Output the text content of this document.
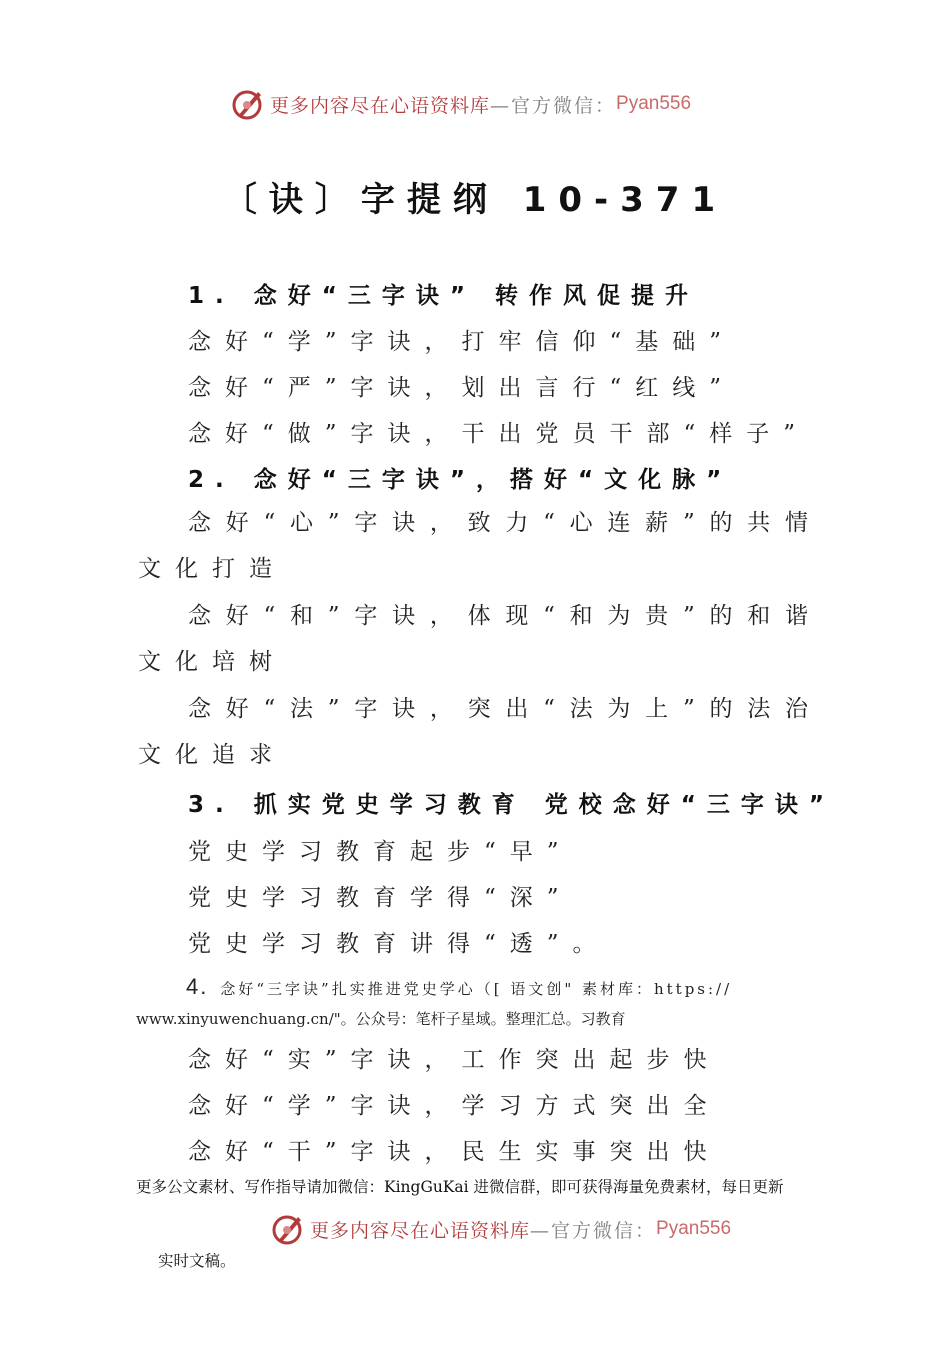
更多内容尽在心语资料库 —官方微信： Pyan556
〔诀〕字提纲 10-371
1. 念好“三字诀” 转作风促提升
念好“学”字诀，打牢信仰“基础”
念好“严”字诀，划出言行“红线”
念好“做”字诀，干出党员干部“样子”
2. 念好“三字诀”，搭好“文化脉”
念好“心”字诀，致力“心连薪”的共情文化打造
念好“和”字诀，体现“和为贵”的和谐文化培树
念好“法”字诀，突出“法为上”的法治文化追求
3. 抓实党史学习教育 党校念好“三字诀”
党史学习教育起步“早”
党史学习教育学得“深”
党史学习教育讲得“透”。
4. 念好“三字诀”扎实推进党史学心（[ 语文创" 素材库：https://
www.xinyuwenchuang.cn/"。公众号：笔杆子星域。整理汇总。习教育
念好“实”字诀，工作突出起步快
念好“学”字诀，学习方式突出全
念好“干”字诀，民生实事突出快
更多公文素材、写作指导请加微信：KingGuKai 进微信群，即可获得海量免费素材，每日更新
更多内容尽在心语资料库 —官方微信： Pyan556
实时文稿。
